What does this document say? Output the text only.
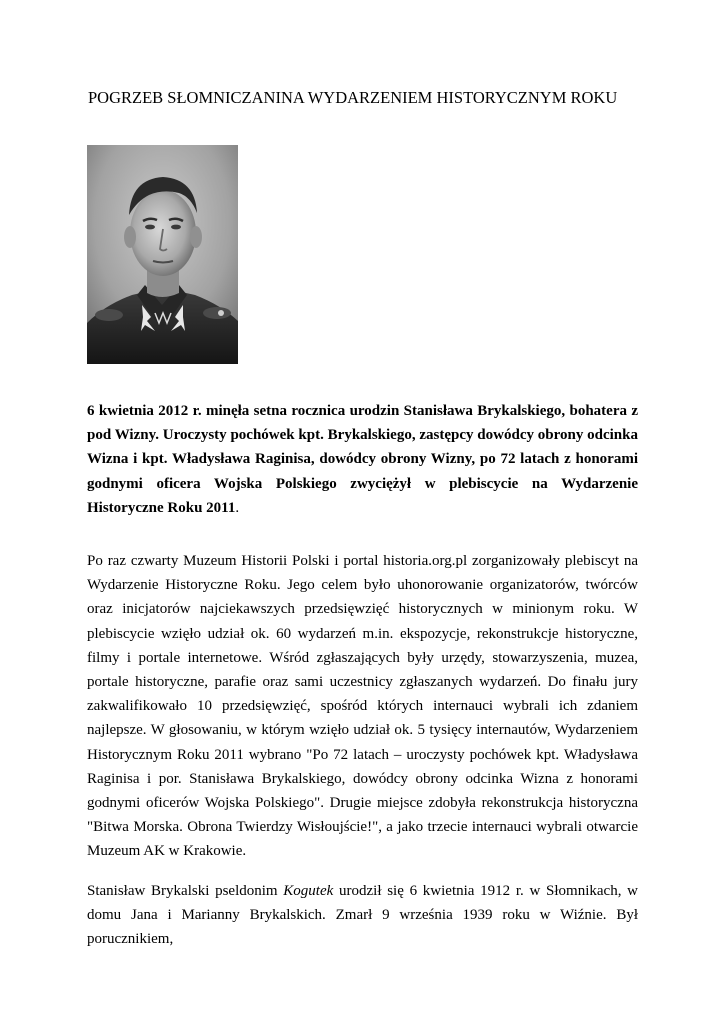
POGRZEB SŁOMNICZANINA WYDARZENIEM HISTORYCZNYM ROKU

6 kwietnia 2012 r. minęła setna rocznica urodzin Stanisława Brykalskiego, bohatera z pod Wizny. Uroczysty pochówek kpt. Brykalskiego, zastępcy dowódcy obrony odcinka Wizna i kpt. Władysława Raginisa, dowódcy obrony Wizny, po 72 latach z honorami godnymi oficera Wojska Polskiego zwyciężył w plebiscycie na Wydarzenie Historyczne Roku 2011.

Po raz czwarty Muzeum Historii Polski i portal historia.org.pl zorganizowały plebiscyt na Wydarzenie Historyczne Roku. Jego celem było uhonorowanie organizatorów, twórców oraz inicjatorów najciekawszych przedsięwzięć historycznych w minionym roku. W plebiscycie wzięło udział ok. 60 wydarzeń m.in. ekspozycje, rekonstrukcje historyczne, filmy i portale internetowe. Wśród zgłaszających były urzędy, stowarzyszenia, muzea, portale historyczne, parafie oraz sami uczestnicy zgłaszanych wydarzeń. Do finału jury zakwalifikowało 10 przedsięwzięć, spośród których internauci wybrali ich zdaniem najlepsze. W głosowaniu, w którym wzięło udział ok. 5 tysięcy internautów, Wydarzeniem Historycznym Roku 2011 wybrano "Po 72 latach – uroczysty pochówek kpt. Władysława Raginisa i por. Stanisława Brykalskiego, dowódcy obrony odcinka Wizna z honorami godnymi oficerów Wojska Polskiego". Drugie miejsce zdobyła rekonstrukcja historyczna "Bitwa Morska. Obrona Twierdzy Wisłoujście!", a jako trzecie internauci wybrali otwarcie Muzeum AK w Krakowie.

Stanisław Brykalski pseldonim Kogutek urodził się 6 kwietnia 1912 r. w Słomnikach, w domu Jana i Marianny Brykalskich. Zmarł 9 września 1939 roku w Wiźnie. Był porucznikiem,
